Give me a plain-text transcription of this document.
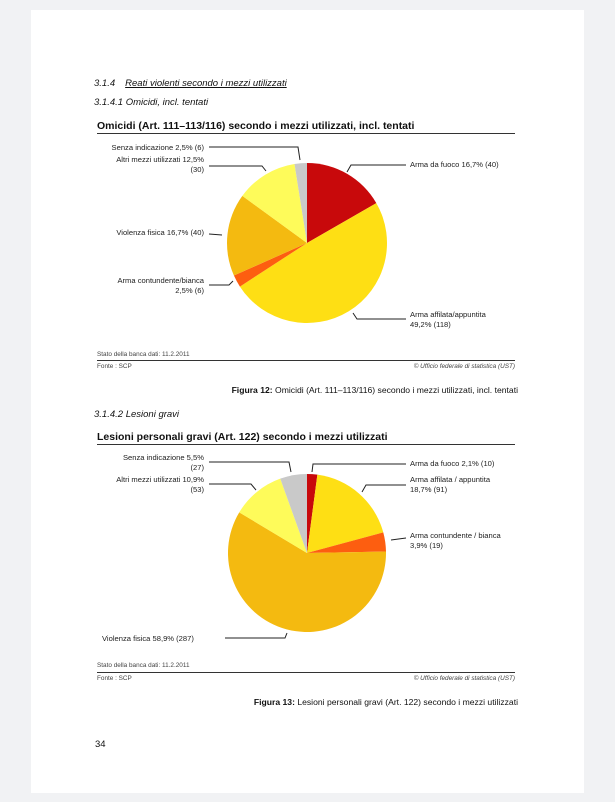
3.1.4 Reati violenti secondo i mezzi utilizzati
3.1.4.1 Omicidi, incl. tentati
Omicidi (Art. 111–113/116) secondo i mezzi utilizzati, incl. tentati
Senza indicazione 2,5% (6)
Altri mezzi utilizzati 12,5%
(30)
Violenza fisica 16,7% (40)
Arma contundente/bianca
2,5% (6)
Arma da fuoco 16,7% (40)
Arma affilata/appuntita
49,2% (118)
Stato della banca dati: 11.2.2011
Fonte : SCP	© Ufficio federale di statistica (UST)
Figura 12: Omicidi (Art. 111–113/116) secondo i mezzi utilizzati, incl. tentati
3.1.4.2 Lesioni gravi
Lesioni personali gravi (Art. 122) secondo i mezzi utilizzati
Senza indicazione 5,5%
(27)
Altri mezzi utilizzati 10,9%
(53)
Violenza fisica 58,9% (287)
Arma da fuoco 2,1% (10)
Arma affilata / appuntita
18,7% (91)
Arma contundente / bianca
3,9% (19)
Stato della banca dati: 11.2.2011
Fonte : SCP	© Ufficio federale di statistica (UST)
Figura 13: Lesioni personali gravi (Art. 122) secondo i mezzi utilizzati
34
